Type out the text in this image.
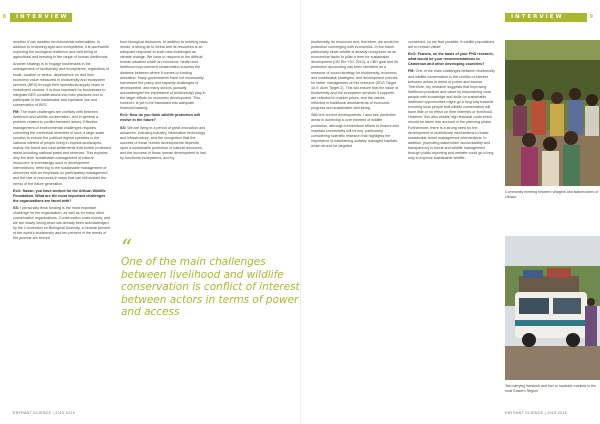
8 INTERVIEW	INTERVIEW	9

whether it can weather environmental externalities. In addition to reviewing agro-and ecosystems, it is worthwhile exploring the ecological resilience and well-being of agricultural and brewing in the range of human livelihoods.

Another strategy is to engage businesses in the management of biodiversity and ecosystems, regardless of scale, location or sector, dependence on and their economic value measured in biodiversity and ecosystem services (BES) through their operational supply chain or investment choices. It is thus important for businesses to integrate BES considerations into their practices and to participate in the sustainable and equitable use and conservation of BES.

FM: The main challenges are conflicts with between livelihood and wildlife conservation, and in general a problem related to conflict between actors. Effective management of environmental challenges requires correcting the contextual elements of such a large-scale solution to ensure the political regime operates in the national interest of people living in tropical landscapes, mainly the forest and rural settlements that border protected areas including national parks and reserves. This explains why the term 'sustainable management of natural resources' is increasingly used in development interventions, referring to the sustainable management of resources with an emphasis on participatory management and the use of resources in ways that can still sustain the needs of the future generation.

EcO: Sasan, you have worked for the African Wildlife Foundation. What are the most important challenges the organizations are faced with?

SS: I personally think funding is the most important challenge for the organization, as well as for many other conservation organizations. Conservation costs money, and we are slowly losing what has already been acknowledged by the Convention on Biological Diversity, a hectare percent of the world's biodiversity and ten percent of the needs of the poorest are served

from biological resources. In addition to meeting basic needs, a strong tie to forest and its resources is an adequate response to such new challenges as climate change. We have to respond to the difficult human situation which an economic, health and livelihood improvement conservation success the distance between where it comes to funding allocation. Many governments have not necessarily harnessed the policy and capacity challenges of development, and many donors (actually acknowledged the importance of biodiversity) play in the larger efforts for economic development. This, however, is yet to be translated into adequate financial backing.

EcO: How do you think wildlife protection will evolve in the future?

SS: We are living in a period of great innovation and advances, including industry, information technology and infrastructure, and the recognition that the success of those human developments depends upon a sustainable protection of natural resources, and the success of those human development is lost by functional ecosystems, and by

biodiversity, its resources and, therefore, we would be protection converging with economics. In the future, particularly since wildlife is already recognized as an economical factor to pillar a term for sustainable development (UN Rio +20, 2012), a CBD goal and its protection accounting has been identified as a measure of sound strategy for biodiversity, economic and sustainable strategies, and development policies for better management of this resource (SDG Target 15.9, Aichi Target 2). This will ensure that the value of biodiversity and the ecosystem services it supports are reflected in market prices, and the values reflected in traditional assessments of economic progress and sustainable well-being.

With the current developments, I also see predictive areas in achieving a core element of wildlife protection, although tremendous efforts to ensure and maintain connectivity will be key, particularly considering scientific research that highlights the importance of maintaining suitably managed habitats, which should be targeted

conserved, so we that possible, if wildlife populations are to remain viable.

EcO: Francis, on the basis of your PhD research, what would be your recommendations to Cameroon and other developing countries?

FM: One of the main challenges between biodiversity and wildlife conservation is the conflict of interest between actors in terms of power and access. Therefore, my research suggests that improving livelihood practices and value by empowering local people with knowledge and skills on sustainable livelihood opportunities might go a long way towards ensuring local people that wildlife conservation will have little or no effect on their interests or livelihood. However, this also entails high financial costs which should be taken into account in the planning phase. Furthermore, there is a strong need for the development of institutional mechanisms to foster sustainable forest management interventions. In addition, promoting stakeholder accountability and transparency in forest and wildlife management through public reporting and website could go a long way to improve sustainable wildlife.

“
One of the main challenges between livelihood and wildlife conservation is conflict of interest between actors in terms of power and access
Community meeting between villagers and stakeholders of Okoloo
Taxi carrying livestock and fuel to roadside markets in the rural Eastern Region
ENTRANT SCIENCE | 2015 2016	ENTRANT SCIENCE | 2015 2016
